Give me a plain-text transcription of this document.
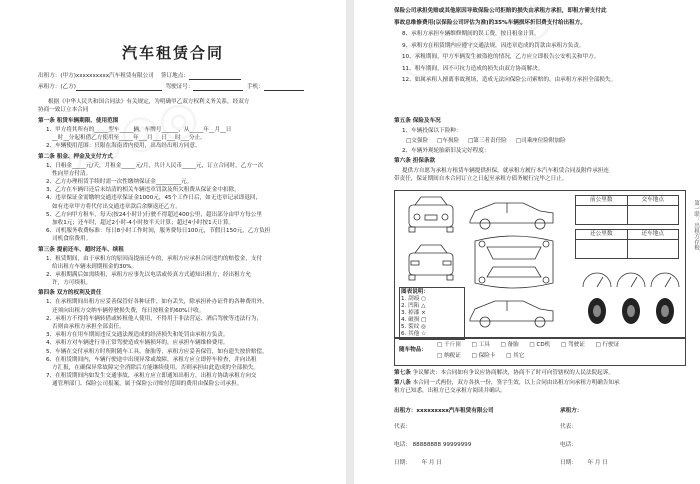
汽车租赁合同
出租方：(甲方)xxxxxxxxxx汽车租赁有限公司 签订地点：
承租方：(乙方)	驾驶证号：	手机：
根据《中华人民共和国合同法》有关规定，为明确甲乙双方权利义务关系，经双方
协商一致订立本合同
第一条 租赁车辆期限、使用范围
1、甲方将其所有的_____型车_____辆，车牌号______，从_____年__月__日
__时__分起租借乙方使用至_____年___月___日___时___分止。
2、车辆使用范围：只限在海南省内使用，出岛经出租方同意。
第二条 租金、押金及支付方式
1、日租金_____元/天，月租金_____元/月，共计人民币_____元，订立合同时，乙方一次
性向甲方付清。
2、乙方办理租赁手续时需一次性缴纳保证金_________元。
3、乙方在车辆归还后未结清的相关车辆违章罚款及所欠租费从保证金中扣除。
4、违章保证金需缴纳交通违章保证金1000元，45个工作日后，如无违章记录即退回，
如有违章甲方将代付出交通违章款后余额返还乙方。
5、乙方向甲方租车，每天(按24小时计)行驶不得超过400公里，超出部分由甲方每公里
加收1元；还车时，超过2小时-4小时按半天计算；超过4小时按1天计算。
6、司机服务收费标准：每日8小时工作时间，服务费每日100元，节假日150元，乙方负担
司机食宿费用。
第三条 提前还车、超时还车、续租
1、租赁期间，由于承租方的原因而提前还车的，承租方应承担合同违约的赔偿金，支付
给出租方车辆未到期租金的30%。
2、承租期满后如需续租，承租方应事先以电话或传真方式通知出租方，经出租方允
许，方可续租。
第四条 双方的权利及责任
1、在承租期间出租方应妥善保管好各种证件，如有丢失，除承担补办证件的各种费用外，
还须向出租方交纳车辆停驶损失费，每日按租金的60%计收。
2、承租方不得将车辆转借或转租他人使用，不得用于非法营运、酒后驾驶等违法行为，
否则由承租方承担全部责任。
3、承租方在用车期间违反交通法规造成的经济损失和处罚由承租方负责。
4、承租方对车辆进行非正常驾驶造成车辆损坏的，应承担车辆维修费用。
5、车辆在交付承租方时所附随车工具、备胎等，承租方应妥善保管，如有遗失按价赔偿。
6、在租赁期间内，车辆行驶途中出现异常或故障，承租方应立即停车检查，并向出租
方汇报，在确保异常故障完全消除后方能继续使用，否则承担由此造成的全部损失。
7、在租赁期间内如发生交通事故，承租方应立即通知出租方，出租方协助承租方向交
通管理部门、保险公司报案，属于保险公司赔付范围的费用由保险公司承担。
保险公司承担免赔或其他原因导致保险公司拒赔的损失由承租方承担，即租方需支付此
事故总维修费用(以保险公司评估为准)的35%车辆损坏折旧费支付给出租方。
8、承租方承担车辆维修期间的误工费，按日租金计算。
9、承租方在租赁期内应遵守交通法规，因违章造成的罚款由承租方负责。
10、承租期间，甲方车辆发生被盗抢的情况，乙方应立即报告公安机关和甲方。
11、租车期间，因不可抗力造成的损失由双方协商解决。
12、如属承租人擅离事故现场，造成无法向保险公司索赔的，由承租方承担全部损失。
第五条 保险及车况
1、车辆投保以下险种：
□交强险 □车损险 □第三者责任险 □司乘座位险附加险
2、车辆外观轮胎新旧及完好程度：
第六条 担保条款
提供方自愿为承租方租赁车辆提供担保，就承租方履行本汽车租赁合同及附件承担连
带责任，保证期间自本合同订立之日起至承租方债务履行完毕之日止。
前公里数	交车地点
还公里数	还车地点
图表说明：
1. 刮痕 ○
2. 凹陷 △
3. 掉漆 ×
4. 破损 □
5. 裂纹 ◎
6. 其他 ☆
随车物品：
□ 千斤顶 □ 工具 □ 备胎 □ CD机 □ 驾驶证 □ 行驶证
□ 纳税证 □ 保险卡 □ 其它
第七条 争议解决：本合同如有争议应协商解决，协商不了时可向管辖权的人民法院起诉。
第八条 本合同一式两份，双方各执一份，签字生效，以上合同由出租方向承租方明确告知承
租方已知悉，出租方已交承租方阅读并确认。
出租方：xxxxxxxxx汽车租赁有限公司	承租方：
代表：	代表：
电话： 88888888 99999999	电话：
日期： 年 月 日	日期： 年 月 日
第一联：出租方存根
